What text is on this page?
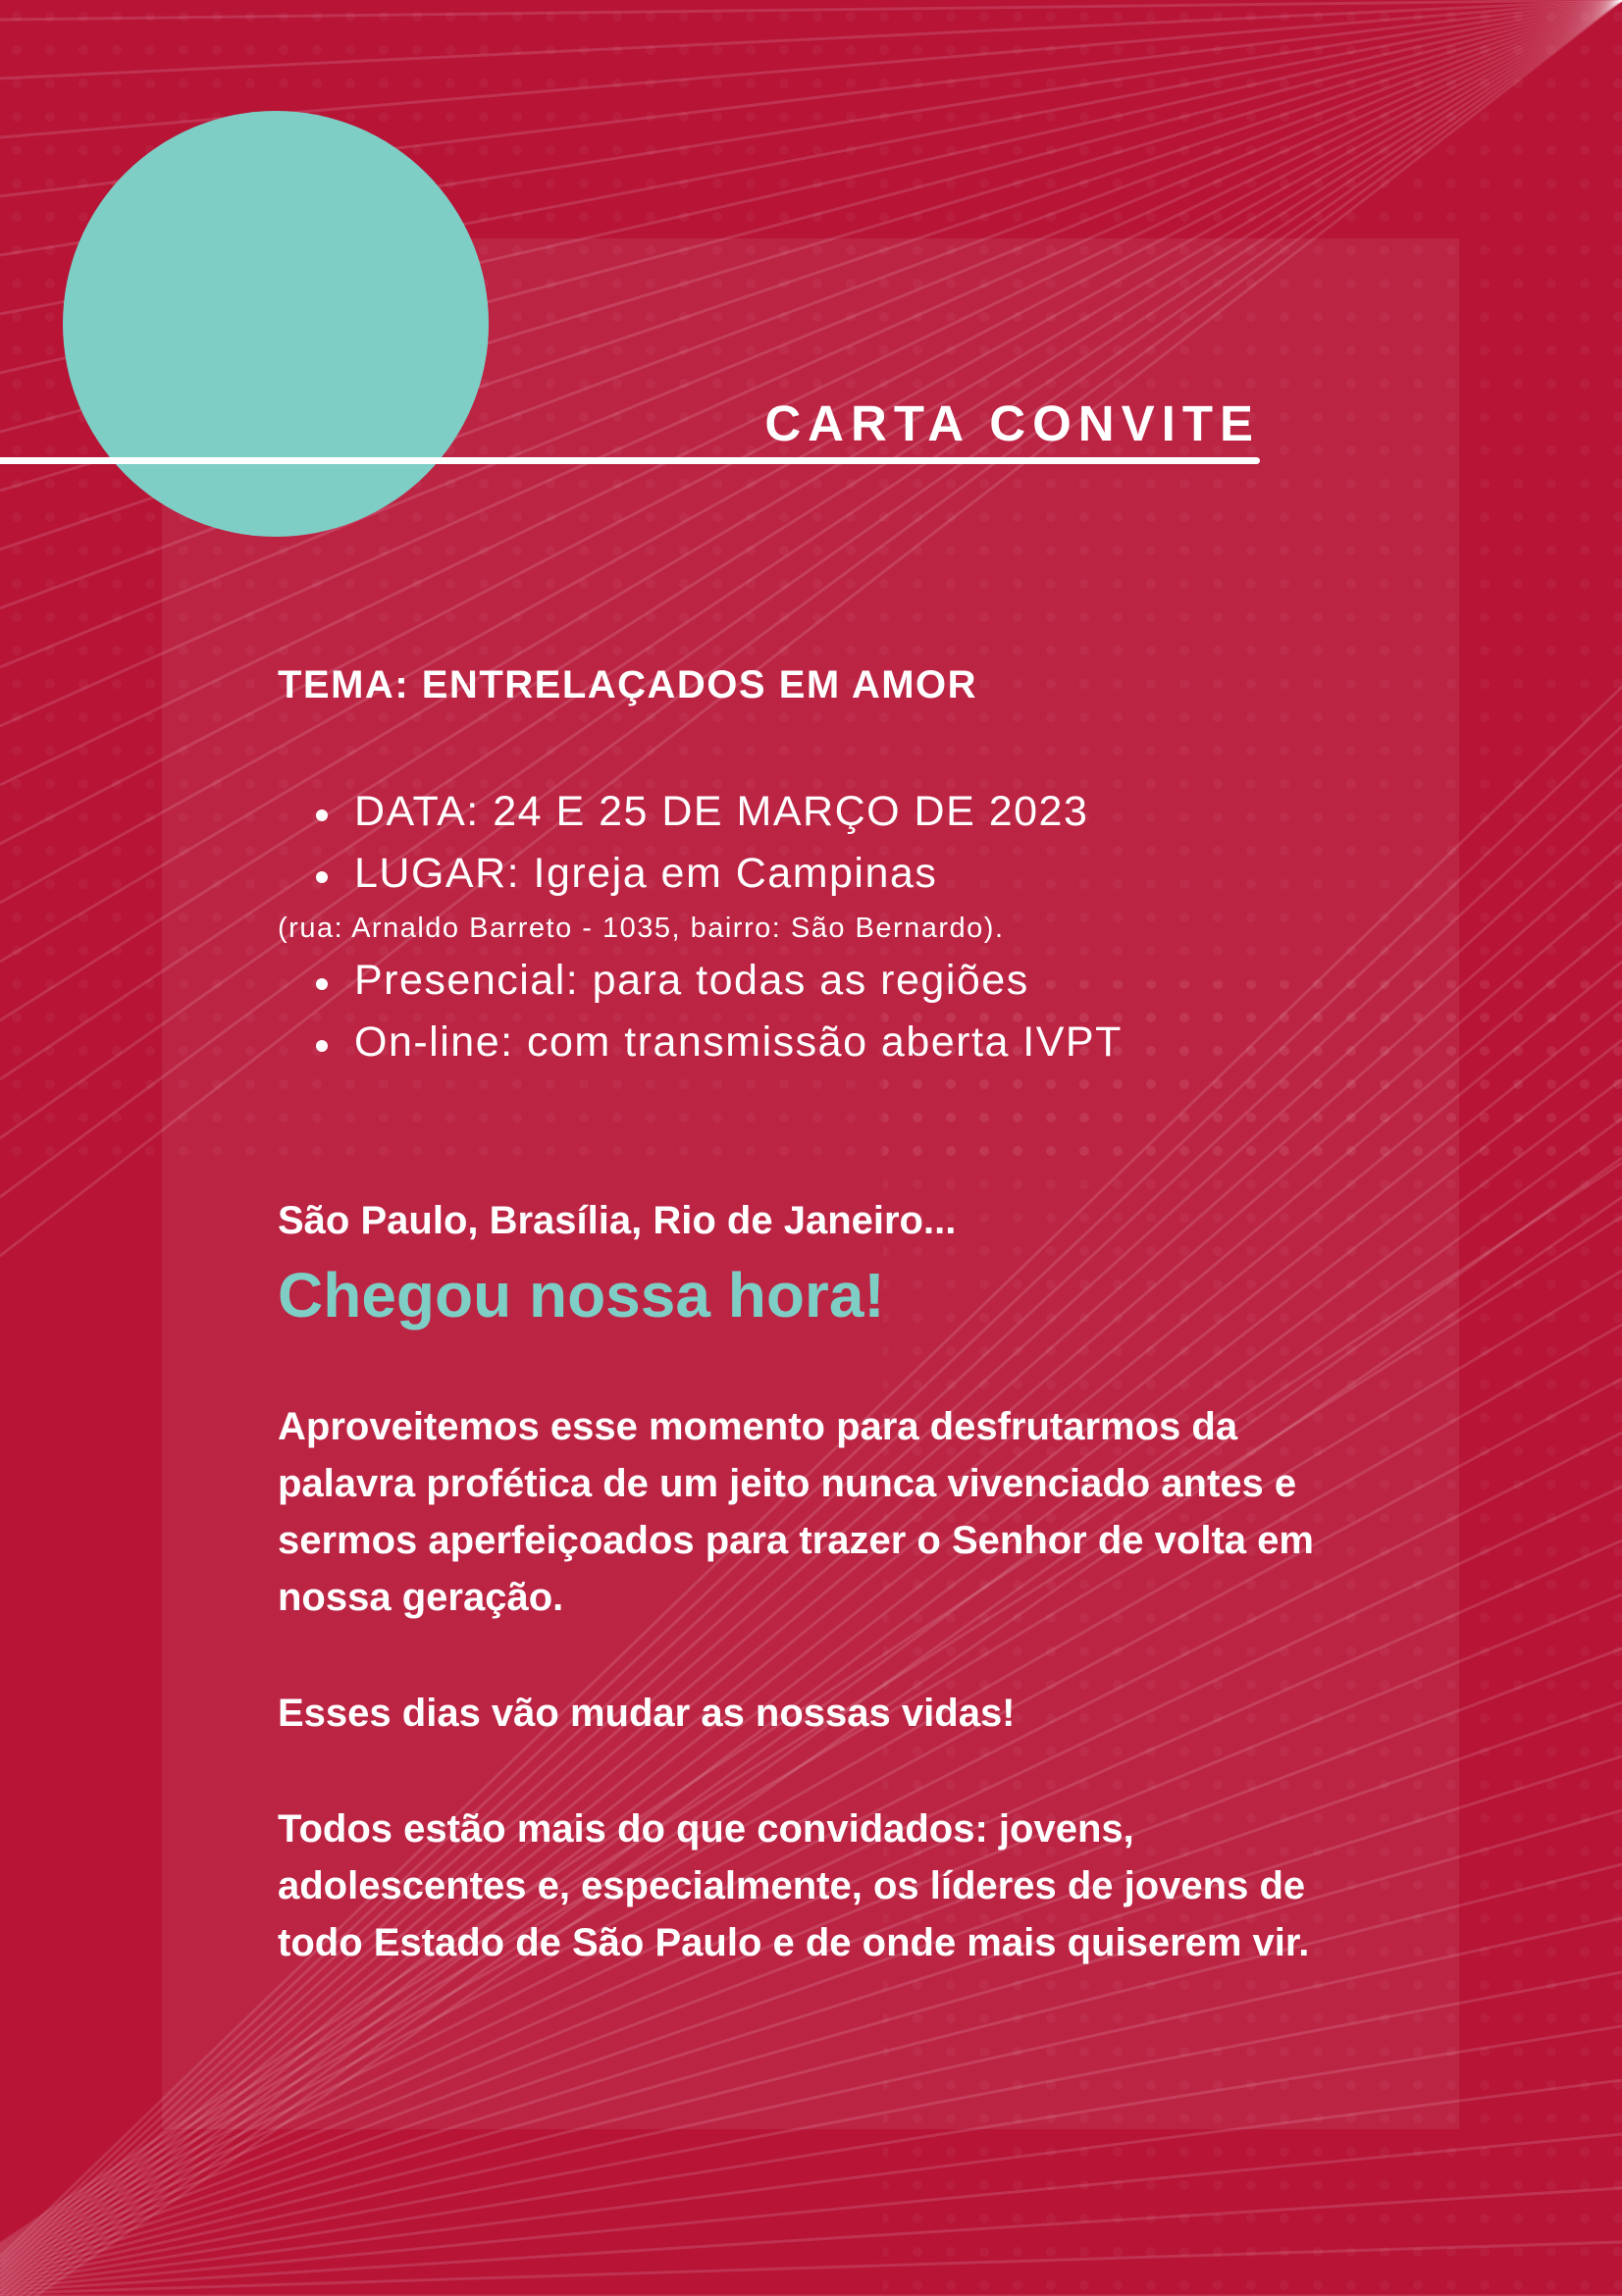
CARTA CONVITE
TEMA: ENTRELAÇADOS EM AMOR
DATA: 24 E 25 DE MARÇO DE 2023
LUGAR: Igreja em Campinas
(rua: Arnaldo Barreto - 1035, bairro: São Bernardo).
Presencial: para todas as regiões
On-line: com transmissão aberta IVPT
São Paulo, Brasília, Rio de Janeiro...
Chegou nossa hora!
Aproveitemos esse momento para desfrutarmos da palavra profética de um jeito nunca vivenciado antes e sermos aperfeiçoados para trazer o Senhor de volta em nossa geração.
Esses dias vão mudar as nossas vidas!
Todos estão mais do que convidados: jovens, adolescentes e, especialmente, os líderes de jovens de todo Estado de São Paulo e de onde mais quiserem vir.
